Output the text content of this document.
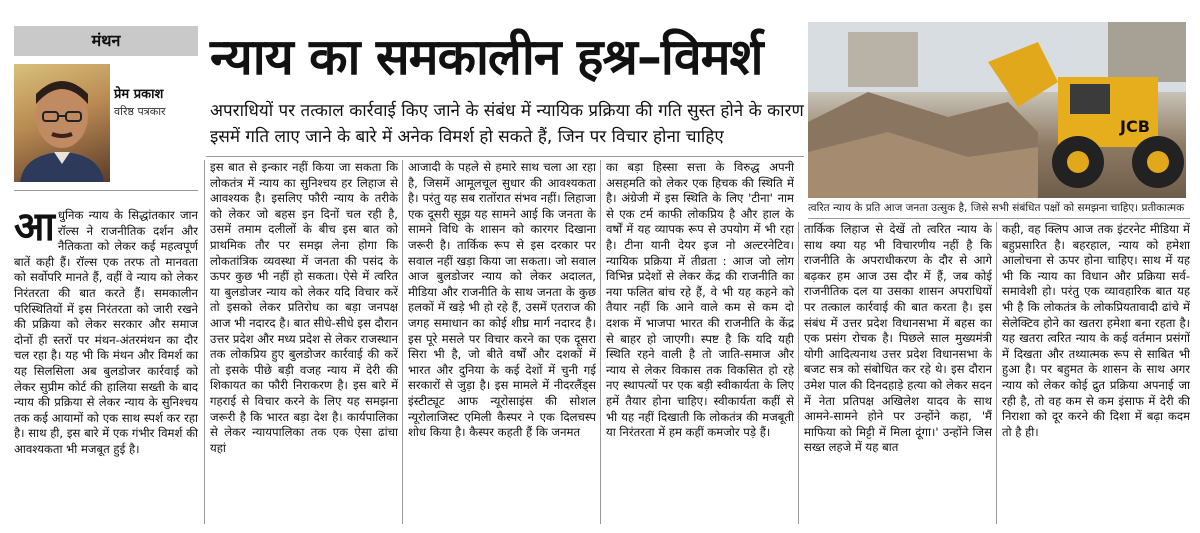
मंथन
प्रेम प्रकाश
वरिष्ठ पत्रकार
न्याय का समकालीन हश्र–विमर्श
अपराधियों पर तत्काल कार्रवाई किए जाने के संबंध में न्यायिक प्रक्रिया की गति सुस्त होने के कारण इसमें गति लाए जाने के बारे में अनेक विमर्श हो सकते हैं, जिन पर विचार होना चाहिए
JCB
त्वरित न्याय के प्रति आज जनता उत्सुक है, जिसे सभी संबंधित पक्षों को समझना चाहिए। प्रतीकात्मक
आधुनिक न्याय के सिद्धांतकार जान रॉल्स ने राजनीतिक दर्शन और नैतिकता को लेकर कई महत्वपूर्ण बातें कही हैं। रॉल्स एक तरफ तो मानवता को सर्वोपरि मानते हैं, वहीं वे न्याय को लेकर निरंतरता की बात करते हैं। समकालीन परिस्थितियों में इस निरंतरता को जारी रखने की प्रक्रिया को लेकर सरकार और समाज दोनों ही स्तरों पर मंथन-अंतरमंथन का दौर चल रहा है। यह भी कि मंथन और विमर्श का यह सिलसिला अब बुलडोजर कार्रवाई को लेकर सुप्रीम कोर्ट की हालिया सख्ती के बाद न्याय की प्रक्रिया से लेकर न्याय के सुनिश्चय तक कई आयामों को एक साथ स्पर्श कर रहा है। साथ ही, इस बारे में एक गंभीर विमर्श की आवश्यकता भी मजबूत हुई है।
इस बात से इन्कार नहीं किया जा सकता कि लोकतंत्र में न्याय का सुनिश्चय हर लिहाज से आवश्यक है। इसलिए फौरी न्याय के तरीके को लेकर जो बहस इन दिनों चल रही है, उसमें तमाम दलीलों के बीच इस बात को प्राथमिक तौर पर समझ लेना होगा कि लोकतांत्रिक व्यवस्था में जनता की पसंद के ऊपर कुछ भी नहीं हो सकता। ऐसे में त्वरित या बुलडोजर न्याय को लेकर यदि विचार करें तो इसको लेकर प्रतिरोध का बड़ा जनपक्ष आज भी नदारद है। बात सीधे-सीधे इस दौरान उत्तर प्रदेश और मध्य प्रदेश से लेकर राजस्थान तक लोकप्रिय हुए बुलडोजर कार्रवाई की करें तो इसके पीछे बड़ी वजह न्याय में देरी की शिकायत का फौरी निराकरण है। इस बारे में गहराई से विचार करने के लिए यह समझना जरूरी है कि भारत बड़ा देश है। कार्यपालिका से लेकर न्यायपालिका तक एक ऐसा ढांचा यहां
आजादी के पहले से हमारे साथ चला आ रहा है, जिसमें आमूलचूल सुधार की आवश्यकता है। परंतु यह सब रातोंरात संभव नहीं। लिहाजा एक दूसरी सूझ यह सामने आई कि जनता के सामने विधि के शासन को कारगर दिखाना जरूरी है। तार्किक रूप से इस दरकार पर सवाल नहीं खड़ा किया जा सकता। जो सवाल आज बुलडोजर न्याय को लेकर अदालत, मीडिया और राजनीति के साथ जनता के कुछ हलकों में खड़े भी हो रहे हैं, उसमें एतराज की जगह समाधान का कोई शीघ्र मार्ग नदारद है। इस पूरे मसले पर विचार करने का एक दूसरा सिरा भी है, जो बीते वर्षों और दशकों में भारत और दुनिया के कई देशों में चुनी गई सरकारों से जुड़ा है। इस मामले में नीदरलैंड्स इंस्टीट्यूट आफ न्यूरोसाइंस की सोशल न्यूरोलाजिस्ट एमिली कैस्पर ने एक दिलचस्प शोध किया है। कैस्पर कहती हैं कि जनमत
का बड़ा हिस्सा सत्ता के विरुद्ध अपनी असहमति को लेकर एक हिचक की स्थिति में है। अंग्रेजी में इस स्थिति के लिए 'टीना' नाम से एक टर्म काफी लोकप्रिय है और हाल के वर्षों में यह व्यापक रूप से उपयोग में भी रहा है। टीना यानी देयर इज नो अल्टरनेटिव। न्यायिक प्रक्रिया में तीव्रता : आज जो लोग विभिन्न प्रदेशों से लेकर केंद्र की राजनीति का नया फलित बांच रहे हैं, वे भी यह कहने को तैयार नहीं कि आने वाले कम से कम दो दशक में भाजपा भारत की राजनीति के केंद्र से बाहर हो जाएगी। स्पष्ट है कि यदि यही स्थिति रहने वाली है तो जाति-समाज और न्याय से लेकर विकास तक विकसित हो रहे नए स्थापत्यों पर एक बड़ी स्वीकार्यता के लिए हमें तैयार होना चाहिए। स्वीकार्यता कहीं से भी यह नहीं दिखाती कि लोकतंत्र की मजबूती या निरंतरता में हम कहीं कमजोर पड़े हैं।
तार्किक लिहाज से देखें तो त्वरित न्याय के साथ क्या यह भी विचारणीय नहीं है कि राजनीति के अपराधीकरण के दौर से आगे बढ़कर हम आज उस दौर में हैं, जब कोई राजनीतिक दल या उसका शासन अपराधियों पर तत्काल कार्रवाई की बात करता है। इस संबंध में उत्तर प्रदेश विधानसभा में बहस का एक प्रसंग रोचक है। पिछले साल मुख्यमंत्री योगी आदित्यनाथ उत्तर प्रदेश विधानसभा के बजट सत्र को संबोधित कर रहे थे। इस दौरान उमेश पाल की दिनदहाड़े हत्या को लेकर सदन में नेता प्रतिपक्ष अखिलेश यादव के साथ आमने-सामने होने पर उन्होंने कहा, 'मैं माफिया को मिट्टी में मिला दूंगा।' उन्होंने जिस सख्त लहजे में यह बात
कही, वह क्लिप आज तक इंटरनेट मीडिया में बहुप्रसारित है। बहरहाल, न्याय को हमेशा आलोचना से ऊपर होना चाहिए। साथ में यह भी कि न्याय का विधान और प्रक्रिया सर्व-समावेशी हो। परंतु एक व्यावहारिक बात यह भी है कि लोकतंत्र के लोकप्रियतावादी ढांचे में सेलेक्टिव होने का खतरा हमेशा बना रहता है। यह खतरा त्वरित न्याय के कई वर्तमान प्रसंगों में दिखता और तथ्यात्मक रूप से साबित भी हुआ है। पर बहुमत के शासन के साथ अगर न्याय को लेकर कोई द्रुत प्रक्रिया अपनाई जा रही है, तो वह कम से कम इंसाफ में देरी की निराशा को दूर करने की दिशा में बढ़ा कदम तो है ही।
